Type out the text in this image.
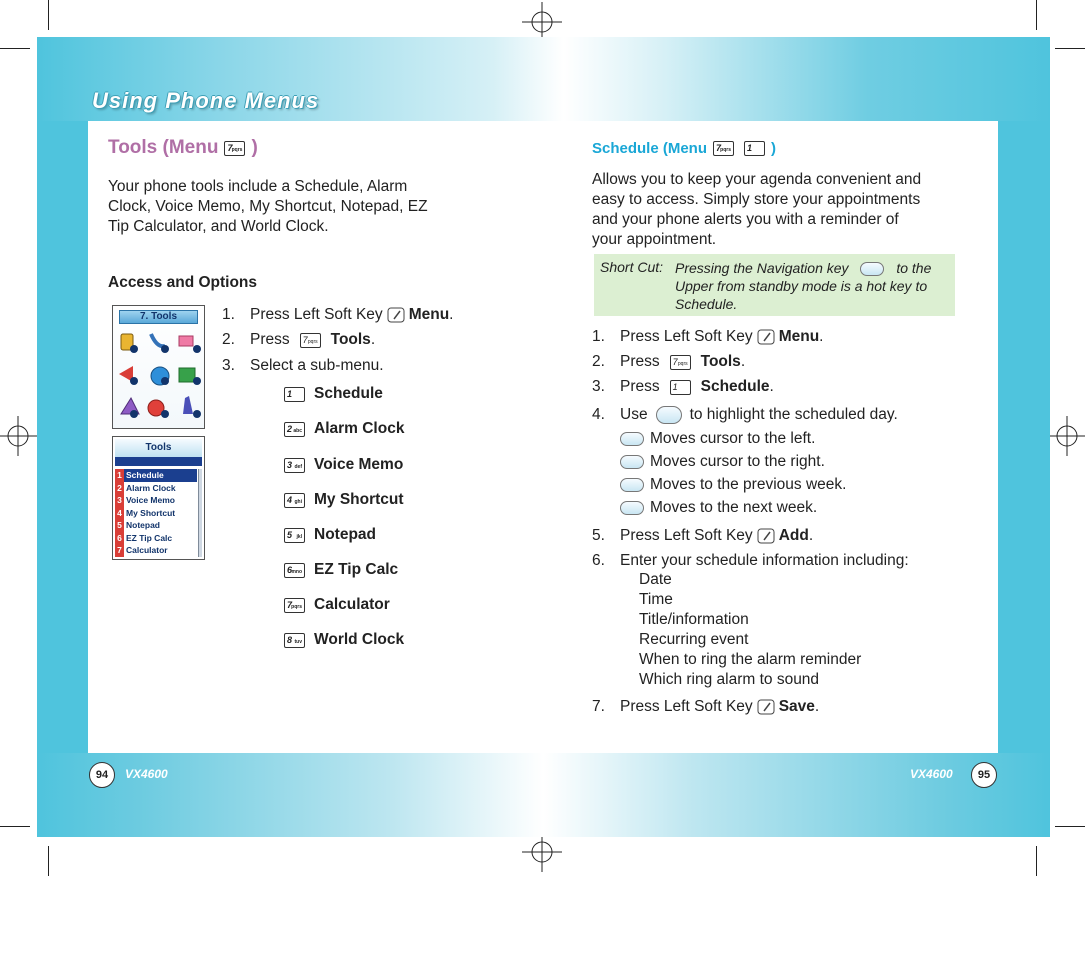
Using Phone Menus
Tools (Menu	7 pqrs )
Your phone tools include a Schedule, Alarm
Clock, Voice Memo, My Shortcut, Notepad, EZ
Tip Calculator, and World Clock.
Access and Options
7. Tools
Tools
1 Schedule
2 Alarm Clock
3 Voice Memo
4 My Shortcut
5 Notepad
6 EZ Tip Calc
7 Calculator
1. Press Left Soft Key Menu .
2. Press	7 pqrs Tools .
3. Select a sub-menu.
1	Schedule
2 abc Alarm Clock
3 def Voice Memo
4 ghi My Shortcut
5 jkl Notepad
6 mno EZ Tip Calc
7 pqrs Calculator
8 tuv World Clock
Schedule (Menu	7 pqrs	1	)
Allows you to keep your agenda convenient and
easy to access. Simply store your appointments
and your phone alerts you with a reminder of
your appointment.
Short Cut: Pressing the Navigation key	to the Upper from standby mode is a hot key to Schedule.
1. Press Left Soft Key Menu .
2. Press	7 pqrs Tools .
3. Press	1	Schedule .
4. Use	to highlight the scheduled day.
Moves cursor to the left.
Moves cursor to the right.
Moves to the previous week.
Moves to the next week.
5. Press Left Soft Key Add .
6. Enter your schedule information including:
Date
Time
Title/information
Recurring event
When to ring the alarm reminder
Which ring alarm to sound
7. Press Left Soft Key Save .
94	VX4600	VX4600	95
